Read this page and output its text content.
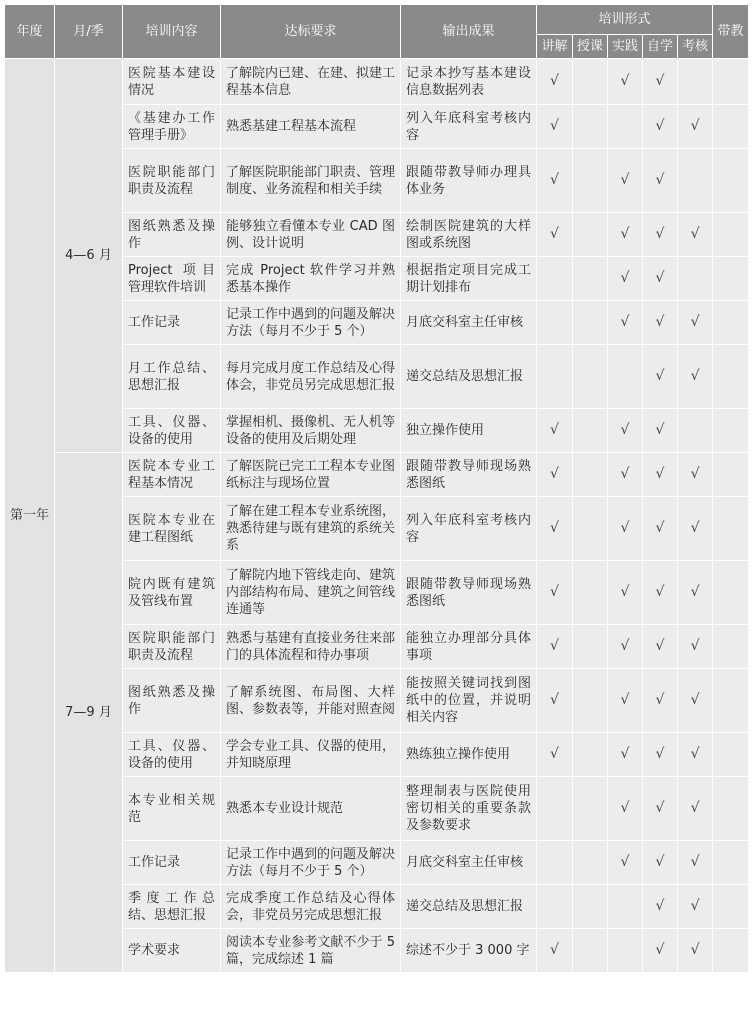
年度	月/季	培训内容	达标要求	输出成果	培训形式					带教
					讲解	授课	实践	自学	考核	
第一年	4—6 月	医院基本建设情况	了解院内已建、在建、拟建工程基本信息	记录本抄写基本建设信息数据列表	√		√	√		
		《基建办工作管理手册》	熟悉基建工程基本流程	列入年底科室考核内容	√			√	√	
		医院职能部门职责及流程	了解医院职能部门职责、管理制度、业务流程和相关手续	跟随带教导师办理具体业务	√		√	√		
		图纸熟悉及操作	能够独立看懂本专业 CAD 图例、设计说明	绘制医院建筑的大样图或系统图	√		√	√	√	
		Project 项目管理软件培训	完成 Project 软件学习并熟悉基本操作	根据指定项目完成工期计划排布			√	√		
		工作记录	记录工作中遇到的问题及解决方法（每月不少于 5 个）	月底交科室主任审核			√	√	√	
		月工作总结、思想汇报	每月完成月度工作总结及心得体会，非党员另完成思想汇报	递交总结及思想汇报				√	√	
		工具、仪器、设备的使用	掌握相机、摄像机、无人机等设备的使用及后期处理	独立操作使用	√		√	√		
	7—9 月	医院本专业工程基本情况	了解医院已完工工程本专业图纸标注与现场位置	跟随带教导师现场熟悉图纸	√		√	√	√	
		医院本专业在建工程图纸	了解在建工程本专业系统图，熟悉待建与既有建筑的系统关系	列入年底科室考核内容	√		√	√	√	
		院内既有建筑及管线布置	了解院内地下管线走向、建筑内部结构布局、建筑之间管线连通等	跟随带教导师现场熟悉图纸	√		√	√	√	
		医院职能部门职责及流程	熟悉与基建有直接业务往来部门的具体流程和待办事项	能独立办理部分具体事项	√		√	√	√	
		图纸熟悉及操作	了解系统图、布局图、大样图、参数表等，并能对照查阅	能按照关键词找到图纸中的位置，并说明相关内容	√		√	√	√	
		工具、仪器、设备的使用	学会专业工具、仪器的使用，并知晓原理	熟练独立操作使用	√		√	√	√	
		本专业相关规范	熟悉本专业设计规范	整理制表与医院使用密切相关的重要条款及参数要求			√	√	√	
		工作记录	记录工作中遇到的问题及解决方法（每月不少于 5 个）	月底交科室主任审核			√	√	√	
		季度工作总结、思想汇报	完成季度工作总结及心得体会，非党员另完成思想汇报	递交总结及思想汇报				√	√	
		学术要求	阅读本专业参考文献不少于 5 篇，完成综述 1 篇	综述不少于 3 000 字	√			√	√	
